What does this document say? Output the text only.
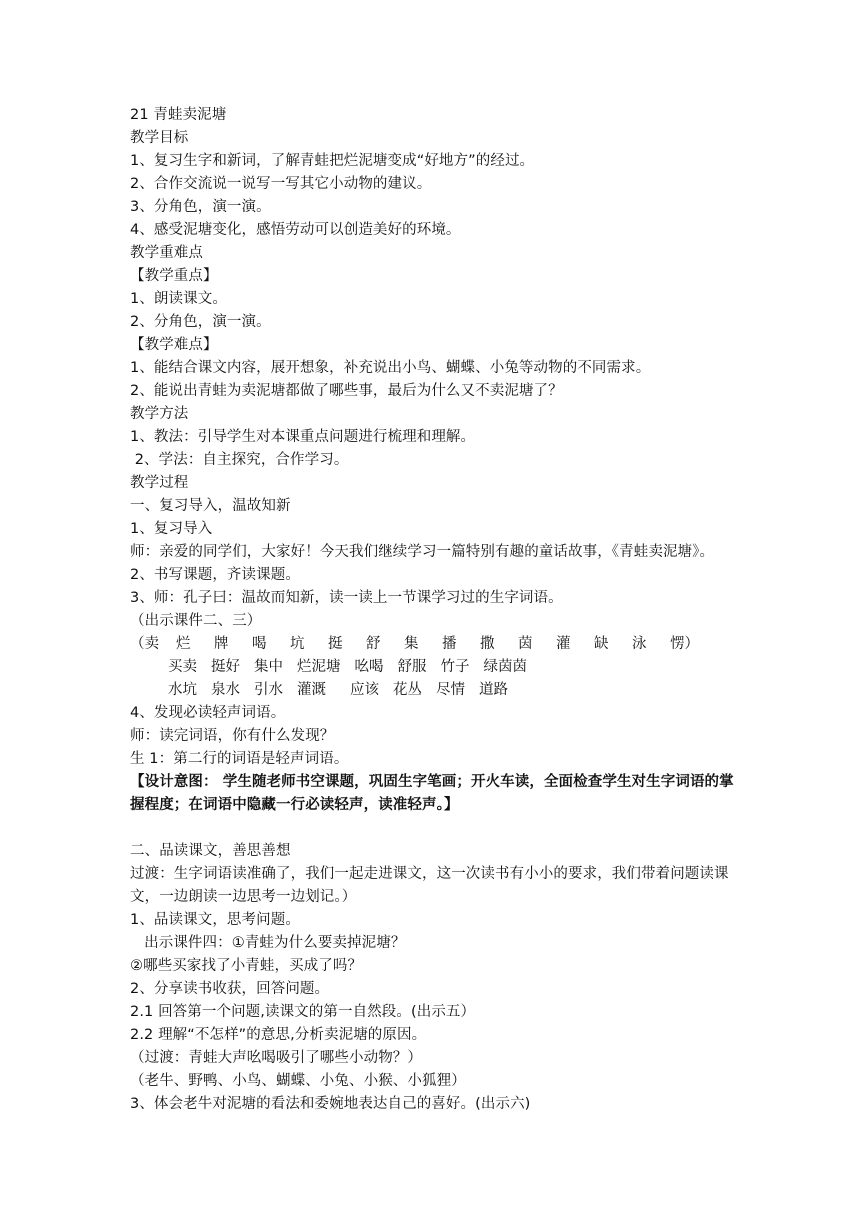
21 青蛙卖泥塘
教学目标
1、复习生字和新词，了解青蛙把烂泥塘变成“好地方”的经过。
2、合作交流说一说写一写其它小动物的建议。
3、分角色，演一演。
4、感受泥塘变化，感悟劳动可以创造美好的环境。
教学重难点
【教学重点】
1、朗读课文。
2、分角色，演一演。
【教学难点】
1、能结合课文内容，展开想象，补充说出小鸟、蝴蝶、小兔等动物的不同需求。
2、能说出青蛙为卖泥塘都做了哪些事，最后为什么又不卖泥塘了？
教学方法
1、教法：引导学生对本课重点问题进行梳理和理解。
2、学法：自主探究，合作学习。
教学过程
一、复习导入，温故知新
1、复习导入
师：亲爱的同学们，大家好！今天我们继续学习一篇特别有趣的童话故事，《青蛙卖泥塘》。
2、书写课题，齐读课题。
3、师：孔子曰：温故而知新，读一读上一节课学习过的生字词语。
（出示课件二、三）
（卖	烂	牌	喝	坑	挺	舒	集	播	撒	茵	灌	缺	泳	愣）
买卖 挺好 集中 烂泥塘 吆喝 舒服 竹子 绿茵茵
水坑 泉水 引水 灌溉 应该 花丛 尽情 道路
4、发现必读轻声词语。
师：读完词语，你有什么发现？
生 1：第二行的词语是轻声词语。
【设计意图： 学生随老师书空课题，巩固生字笔画；开火车读，全面检查学生对生字词语的掌握程度；在词语中隐藏一行必读轻声，读准轻声。】
二、品读课文，善思善想
过渡：生字词语读准确了，我们一起走进课文，这一次读书有小小的要求，我们带着问题读课文，一边朗读一边思考一边划记。）
1、品读课文，思考问题。
出示课件四：①青蛙为什么要卖掉泥塘？
②哪些买家找了小青蛙，买成了吗？
2、分享读书收获，回答问题。
2.1 回答第一个问题,读课文的第一自然段。(出示五）
2.2 理解“不怎样”的意思,分析卖泥塘的原因。
（过渡：青蛙大声吆喝吸引了哪些小动物？）
（老牛、野鸭、小鸟、蝴蝶、小兔、小猴、小狐狸）
3、体会老牛对泥塘的看法和委婉地表达自己的喜好。(出示六)
